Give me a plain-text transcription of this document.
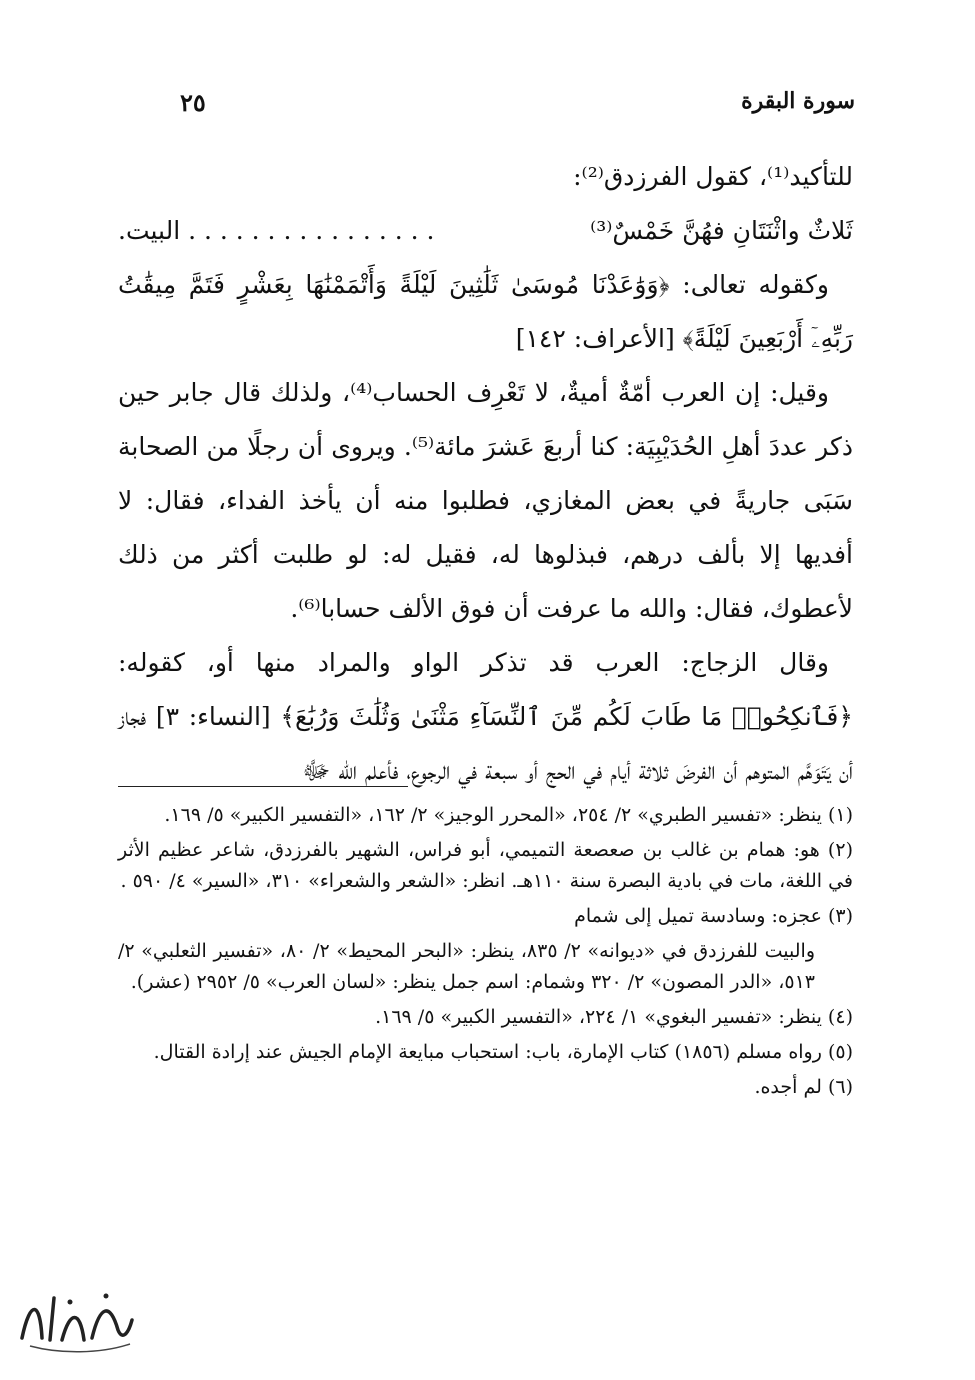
سورة البقرة
٢٥

للتأكيد⁽¹⁾، كقول الفرزدق⁽²⁾:

ثَلاثٌ واثْنَتَانِ فهُنَّ خَمْسٌ⁽³⁾
. . . . . . . . . . . . . . . . البيت.

وكقوله تعالى: ﴿وَوَٰعَدْنَا مُوسَىٰ ثَلَٰثِينَ لَيْلَةً وَأَتْمَمْنَٰهَا بِعَشْرٍ فَتَمَّ مِيقَٰتُ رَبِّهِۦٓ أَرْبَعِينَ لَيْلَةً﴾ [الأعراف: ١٤٢]

وقيل: إن العرب أمّةٌ أميةٌ، لا تَعْرِف الحساب⁽⁴⁾، ولذلك قال جابر حين ذكر عددَ أهلِ الحُدَيْبِيَة: كنا أربعَ عَشرَ مائة⁽⁵⁾. ويروى أن رجلًا من الصحابة سَبَى جاريةً في بعض المغازي، فطلبوا منه أن يأخذ الفداء، فقال: لا أفديها إلا بألف درهم، فبذلوها له، فقيل له: لو طلبت أكثر من ذلك لأعطوك، فقال: والله ما عرفت أن فوق الألف حسابا⁽⁶⁾.

وقال الزجاج: العرب قد تذكر الواو والمراد منها أو، كقوله: ﴿فَٱنكِحُوا۟ مَا طَابَ لَكُم مِّنَ ٱلنِّسَآءِ مَثْنَىٰ وَثُلَٰثَ وَرُبَٰعَ﴾ [النساء: ٣] فجاز أن يَتَوَهَّم المتوهم أن الفرضَ ثلاثة أيام في الحج أو سبعة في الرجوع، فأعلم الله ﷻ

(١) ينظر: «تفسير الطبري» ٢/ ٢٥٤، «المحرر الوجيز» ٢/ ١٦٢، «التفسير الكبير» ٥/ ١٦٩.

(٢) هو: همام بن غالب بن صعصعة التميمي، أبو فراس، الشهير بالفرزدق، شاعر عظيم الأثر في اللغة، مات في بادية البصرة سنة ١١٠هـ. انظر: «الشعر والشعراء» ٣١٠، «السير» ٤/ ٥٩٠ .

(٣) عجزه: وسادسة تميل إلى شمام

والبيت للفرزدق في «ديوانه» ٢/ ٨٣٥، ينظر: «البحر المحيط» ٢/ ٨٠، «تفسير الثعلبي» ٢/ ٥١٣، «الدر المصون» ٢/ ٣٢٠ وشمام: اسم جمل ينظر: «لسان العرب» ٥/ ٢٩٥٢ (عشر).

(٤) ينظر: «تفسير البغوي» ١/ ٢٢٤، «التفسير الكبير» ٥/ ١٦٩.

(٥) رواه مسلم (١٨٥٦) كتاب الإمارة، باب: استحباب مبايعة الإمام الجيش عند إرادة القتال.

(٦) لم أجده.
